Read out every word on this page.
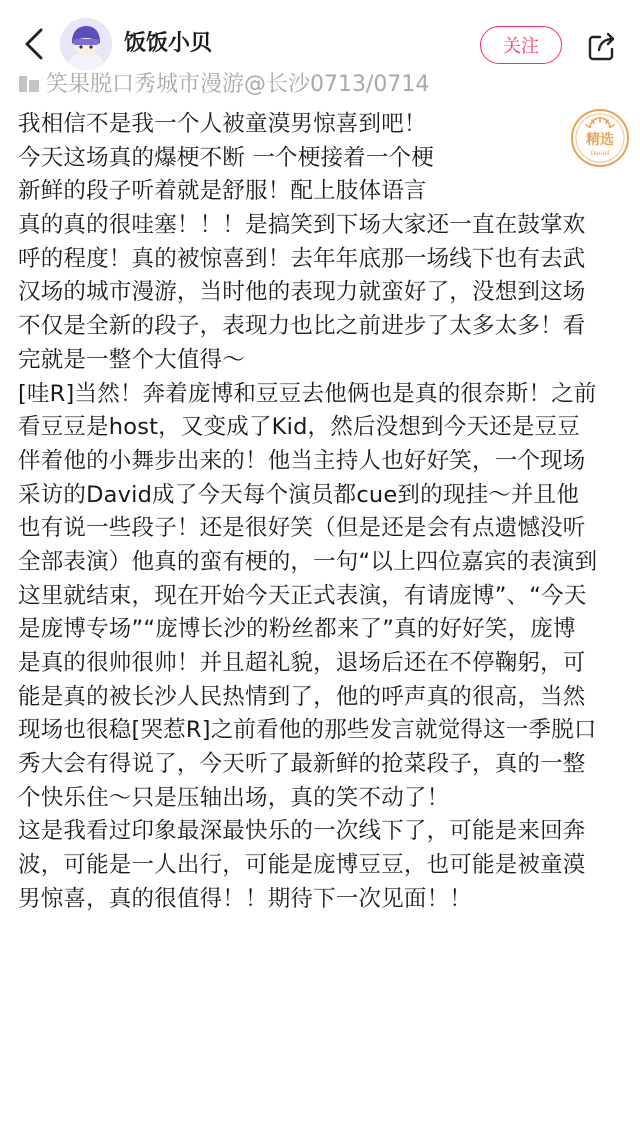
饭饭小贝	关注
笑果脱口秀城市漫游@长沙0713/0714
精选
Daniel
我相信不是我一个人被童漠男惊喜到吧！
今天这场真的爆梗不断 一个梗接着一个梗
新鲜的段子听着就是舒服！配上肢体语言
真的真的很哇塞！！！是搞笑到下场大家还一直在鼓掌欢
呼的程度！真的被惊喜到！去年年底那一场线下也有去武
汉场的城市漫游，当时他的表现力就蛮好了，没想到这场
不仅是全新的段子，表现力也比之前进步了太多太多！看
完就是一整个大值得～
[哇R]当然！奔着庞博和豆豆去他俩也是真的很奈斯！之前
看豆豆是host，又变成了Kid，然后没想到今天还是豆豆
伴着他的小舞步出来的！他当主持人也好好笑，一个现场
采访的David成了今天每个演员都cue到的现挂～并且他
也有说一些段子！还是很好笑（但是还是会有点遗憾没听
全部表演）他真的蛮有梗的，一句“以上四位嘉宾的表演到
这里就结束，现在开始今天正式表演，有请庞博”、“今天
是庞博专场”“庞博长沙的粉丝都来了”真的好好笑，庞博
是真的很帅很帅！并且超礼貌，退场后还在不停鞠躬，可
能是真的被长沙人民热情到了，他的呼声真的很高，当然
现场也很稳[哭惹R]之前看他的那些发言就觉得这一季脱口
秀大会有得说了，今天听了最新鲜的抢菜段子，真的一整
个快乐住～只是压轴出场，真的笑不动了！
这是我看过印象最深最快乐的一次线下了，可能是来回奔
波，可能是一人出行，可能是庞博豆豆，也可能是被童漠
男惊喜，真的很值得！！期待下一次见面！！
